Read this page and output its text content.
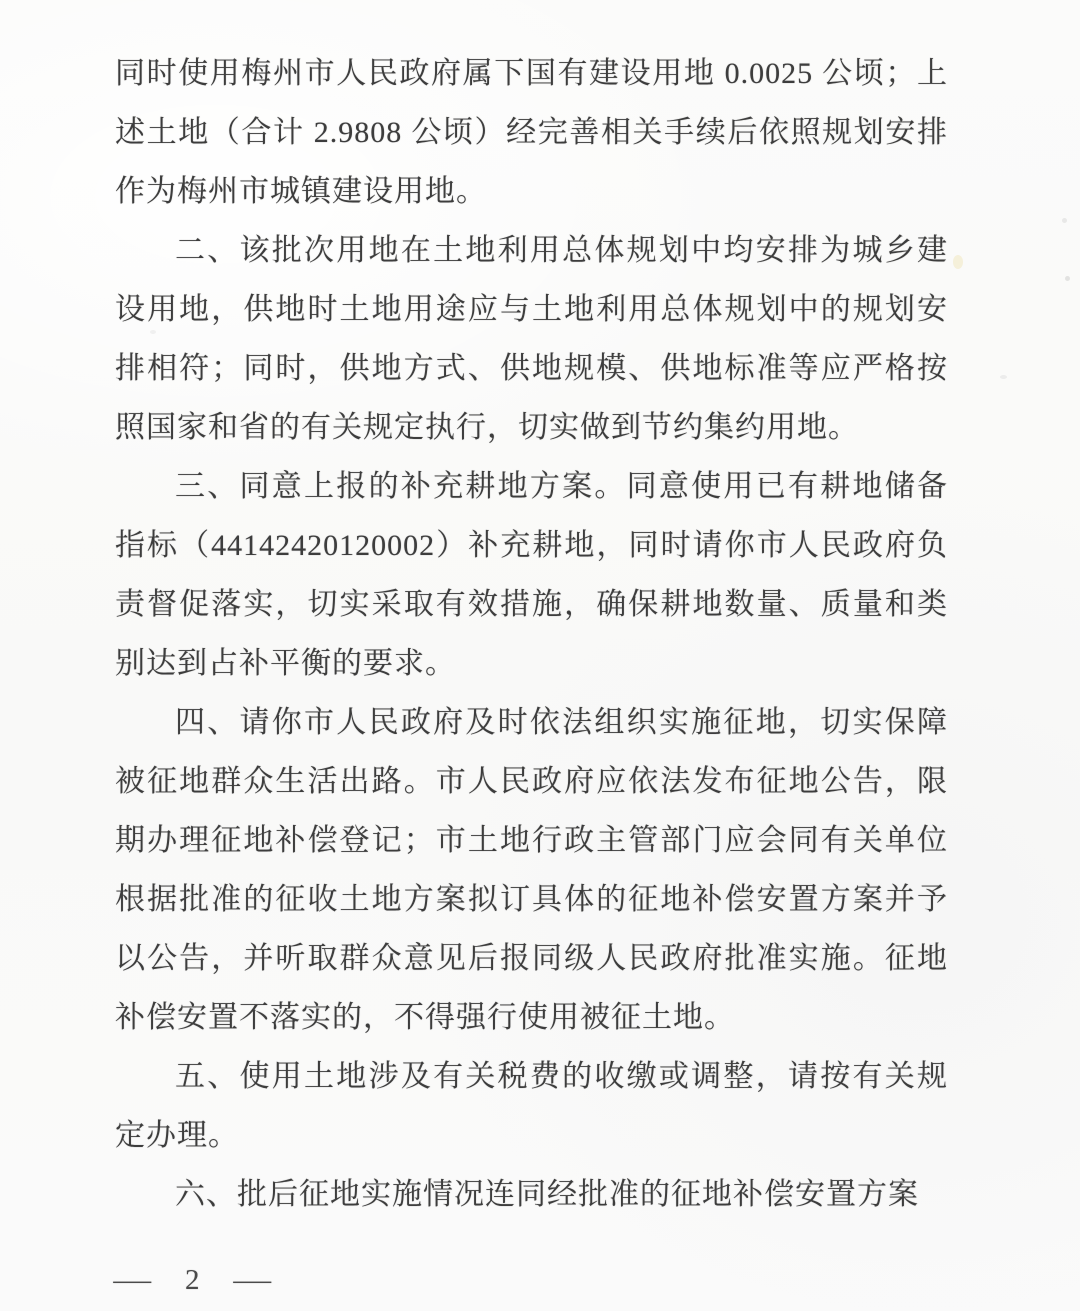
同时使用梅州市人民政府属下国有建设用地 0.0025 公顷；上述土地（合计 2.9808 公顷）经完善相关手续后依照规划安排作为梅州市城镇建设用地。

二、该批次用地在土地利用总体规划中均安排为城乡建设用地，供地时土地用途应与土地利用总体规划中的规划安排相符；同时，供地方式、供地规模、供地标准等应严格按照国家和省的有关规定执行，切实做到节约集约用地。

三、同意上报的补充耕地方案。同意使用已有耕地储备指标（44142420120002）补充耕地，同时请你市人民政府负责督促落实，切实采取有效措施，确保耕地数量、质量和类别达到占补平衡的要求。

四、请你市人民政府及时依法组织实施征地，切实保障被征地群众生活出路。市人民政府应依法发布征地公告，限期办理征地补偿登记；市土地行政主管部门应会同有关单位根据批准的征收土地方案拟订具体的征地补偿安置方案并予以公告，并听取群众意见后报同级人民政府批准实施。征地补偿安置不落实的，不得强行使用被征土地。

五、使用土地涉及有关税费的收缴或调整，请按有关规定办理。

六、批后征地实施情况连同经批准的征地补偿安置方案

— 2 —
